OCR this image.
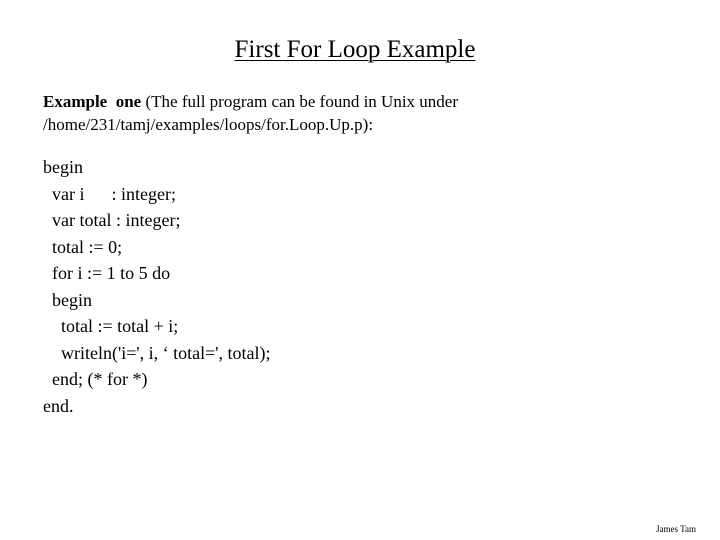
First For Loop Example
Example  one (The full program can be found in Unix under
/home/231/tamj/examples/loops/for.Loop.Up.p):
begin
var i      : integer;
var total : integer;
total := 0;
for i := 1 to 5 do
begin
total := total + i;
writeln('i=', i, ‘ total=', total);
end; (* for *)
end.
James Tam
